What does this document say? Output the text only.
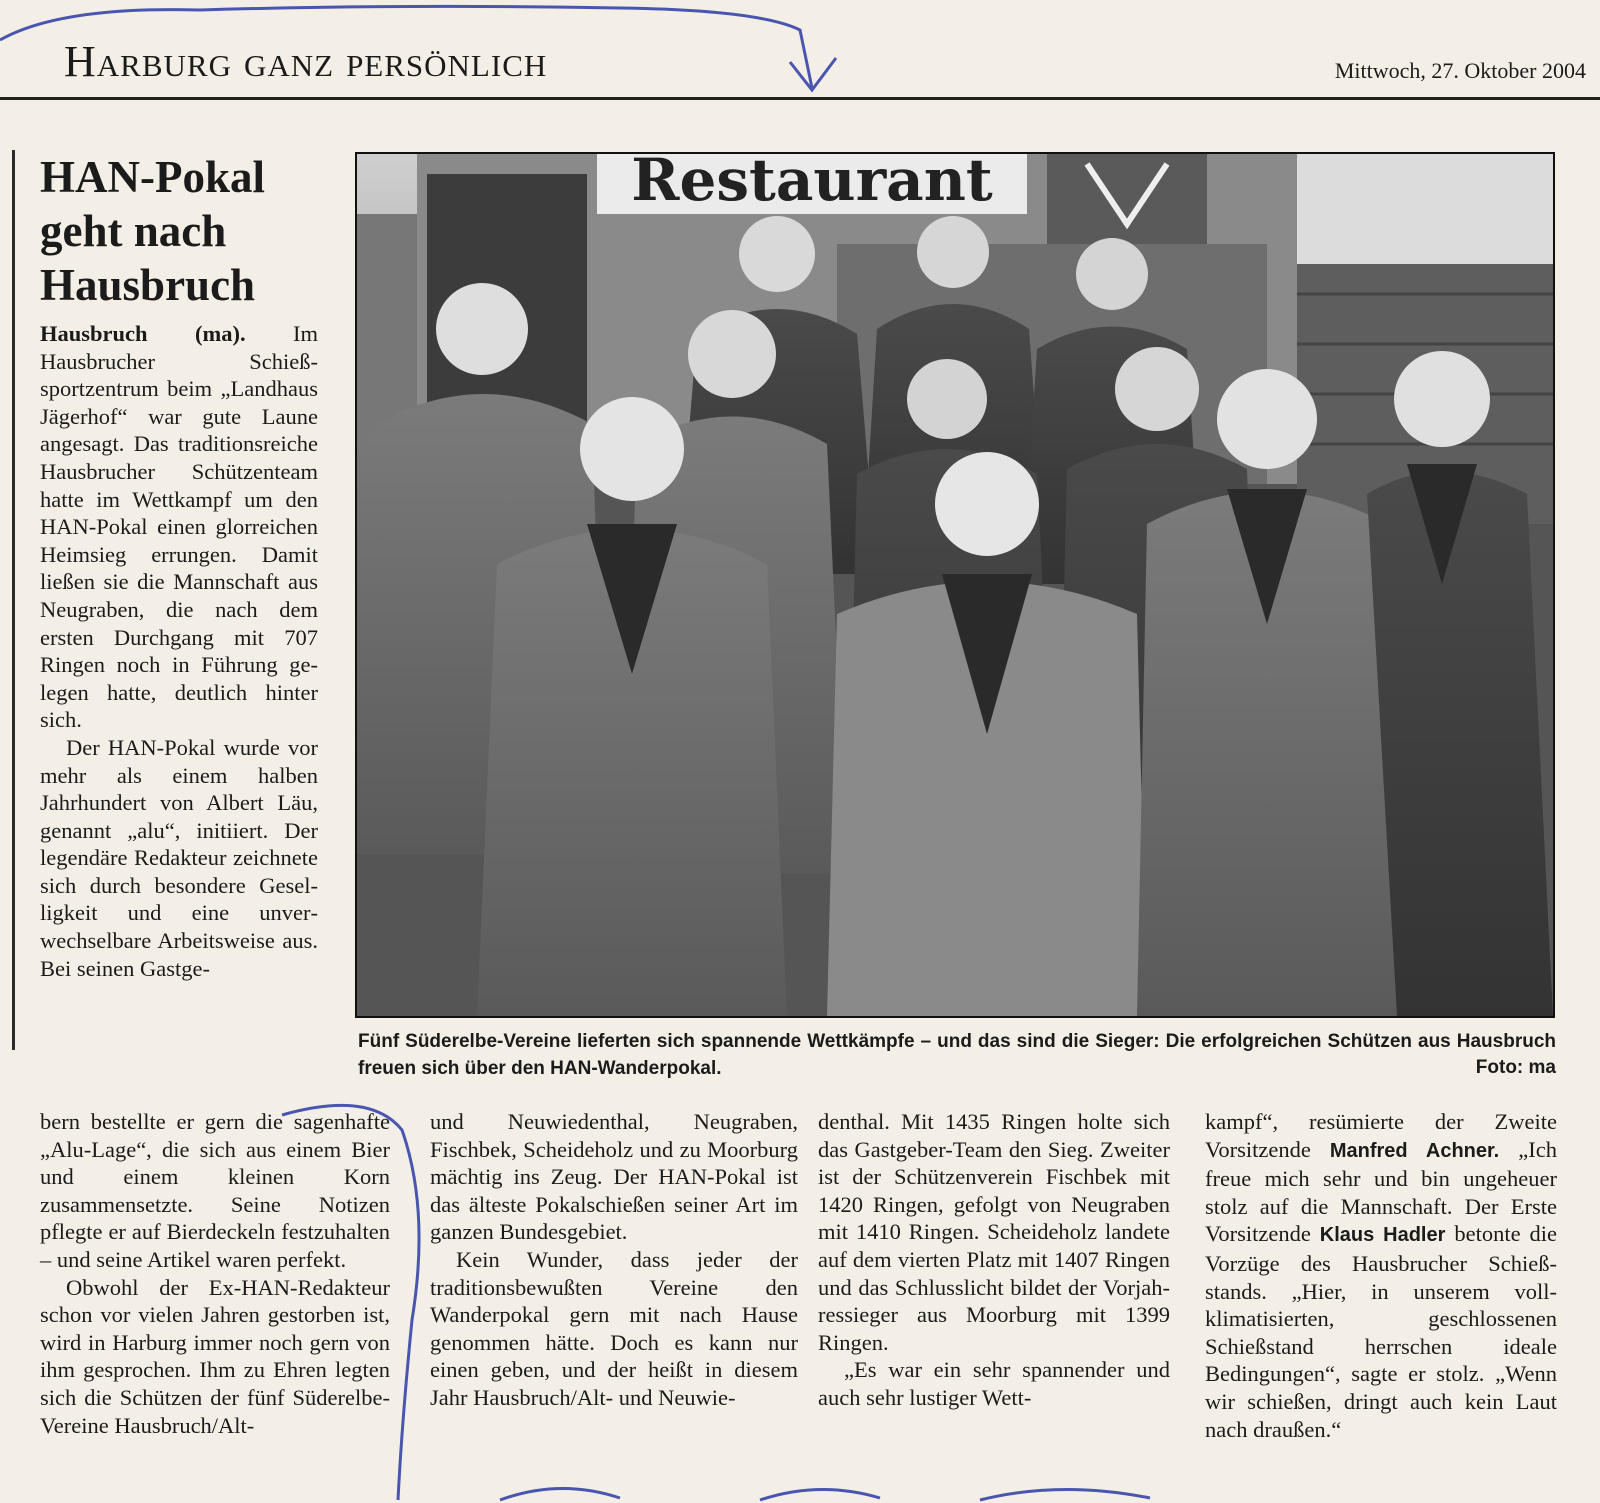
Harburg ganz persönlich	Mittwoch, 27. Oktober 2004
HAN-Pokal
geht nach
Hausbruch

Hausbruch (ma). Im Hausbrucher Schießsportzentrum beim „Landhaus Jägerhof“ war gute Laune angesagt. Das traditionsreiche Hausbrucher Schützenteam hatte im Wettkampf um den HAN-Pokal einen glorreichen Heimsieg errungen. Damit ließen sie die Mannschaft aus Neugraben, die nach dem ersten Durchgang mit 707 Ringen noch in Führung gelegen hatte, deutlich hinter sich.

Der HAN-Pokal wurde vor mehr als einem halben Jahrhundert von Albert Läu, genannt „alu“, initiiert. Der legendäre Redakteur zeichnete sich durch besondere Geselligkeit und eine unverwechselbare Arbeitsweise aus. Bei seinen Gastge-

Restaurant
Fünf Süderelbe-Vereine lieferten sich spannende Wettkämpfe – und das sind die Sieger: Die erfolgreichen Schützen aus Hausbruch freuen sich über den HAN-Wanderpokal.	Foto: ma

bern bestellte er gern die sagenhafte „Alu-Lage“, die sich aus einem Bier und einem kleinen Korn zusammensetzte. Seine Notizen pflegte er auf Bierdeckeln festzuhalten – und seine Artikel waren perfekt.

Obwohl der Ex-HAN-Redakteur schon vor vielen Jahren gestorben ist, wird in Harburg immer noch gern von ihm gesprochen. Ihm zu Ehren legten sich die Schützen der fünf Süderelbe-Vereine Hausbruch/Alt-

und Neuwiedenthal, Neugraben, Fischbek, Scheideholz und zu Moorburg mächtig ins Zeug. Der HAN-Pokal ist das älteste Pokalschießen seiner Art im ganzen Bundesgebiet.

Kein Wunder, dass jeder der traditionsbewußten Vereine den Wanderpokal gern mit nach Hause genommen hätte. Doch es kann nur einen geben, und der heißt in diesem Jahr Hausbruch/Alt- und Neuwie-

denthal. Mit 1435 Ringen holte sich das Gastgeber-Team den Sieg. Zweiter ist der Schützenverein Fischbek mit 1420 Ringen, gefolgt von Neugraben mit 1410 Ringen. Scheideholz landete auf dem vierten Platz mit 1407 Ringen und das Schlusslicht bildet der Vorjahressieger aus Moorburg mit 1399 Ringen.

„Es war ein sehr spannender und auch sehr lustiger Wett-

kampf“, resümierte der Zweite Vorsitzende Manfred Achner. „Ich freue mich sehr und bin ungeheuer stolz auf die Mannschaft. Der Erste Vorsitzende Klaus Hadler betonte die Vorzüge des Hausbrucher Schießstands. „Hier, in unserem vollklimatisierten, geschlossenen Schießstand herrschen ideale Bedingungen“, sagte er stolz. „Wenn wir schießen, dringt auch kein Laut nach draußen.“
